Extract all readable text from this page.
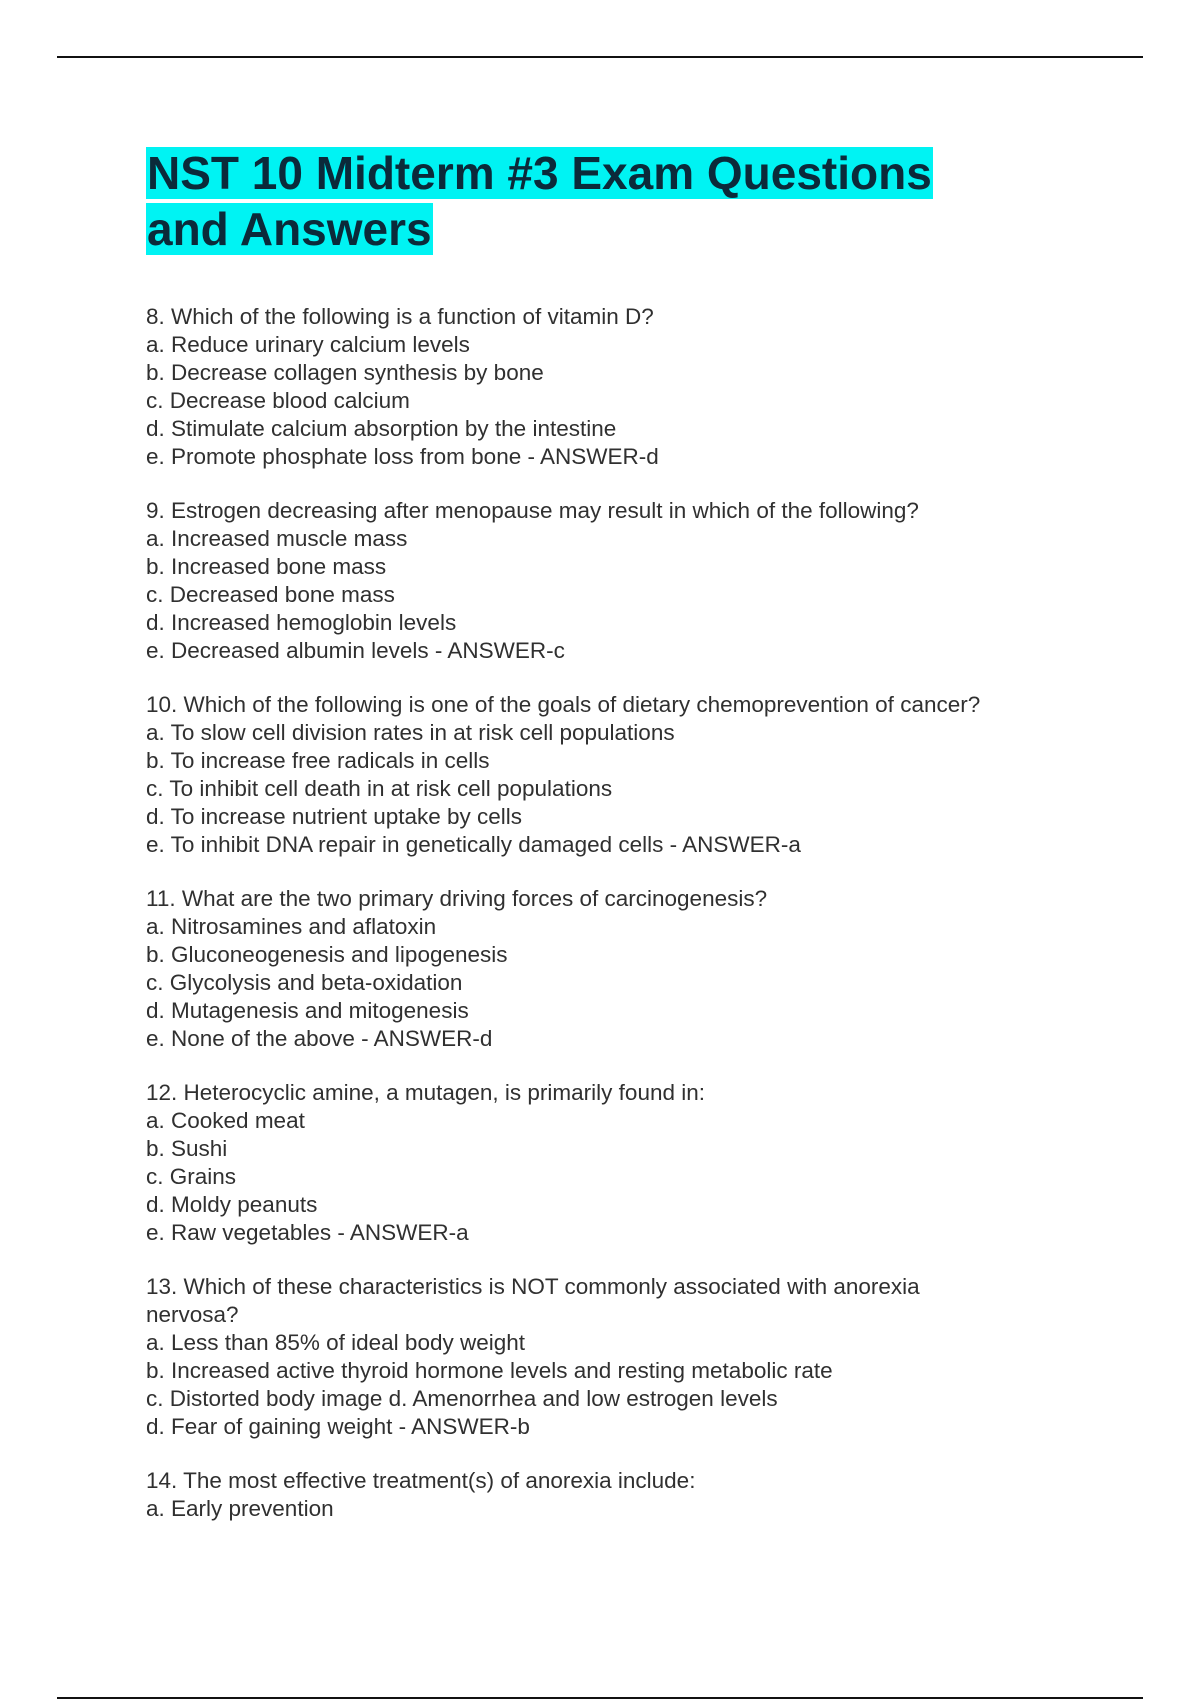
NST 10 Midterm #3 Exam Questions
and Answers
8. Which of the following is a function of vitamin D?
a. Reduce urinary calcium levels
b. Decrease collagen synthesis by bone
c. Decrease blood calcium
d. Stimulate calcium absorption by the intestine
e. Promote phosphate loss from bone - ANSWER-d
9. Estrogen decreasing after menopause may result in which of the following?
a. Increased muscle mass
b. Increased bone mass
c. Decreased bone mass
d. Increased hemoglobin levels
e. Decreased albumin levels - ANSWER-c
10. Which of the following is one of the goals of dietary chemoprevention of cancer?
a. To slow cell division rates in at risk cell populations
b. To increase free radicals in cells
c. To inhibit cell death in at risk cell populations
d. To increase nutrient uptake by cells
e. To inhibit DNA repair in genetically damaged cells - ANSWER-a
11. What are the two primary driving forces of carcinogenesis?
a. Nitrosamines and aflatoxin
b. Gluconeogenesis and lipogenesis
c. Glycolysis and beta-oxidation
d. Mutagenesis and mitogenesis
e. None of the above - ANSWER-d
12. Heterocyclic amine, a mutagen, is primarily found in:
a. Cooked meat
b. Sushi
c. Grains
d. Moldy peanuts
e. Raw vegetables - ANSWER-a
13. Which of these characteristics is NOT commonly associated with anorexia nervosa?
a. Less than 85% of ideal body weight
b. Increased active thyroid hormone levels and resting metabolic rate
c. Distorted body image d. Amenorrhea and low estrogen levels
d. Fear of gaining weight - ANSWER-b
14. The most effective treatment(s) of anorexia include:
a. Early prevention
